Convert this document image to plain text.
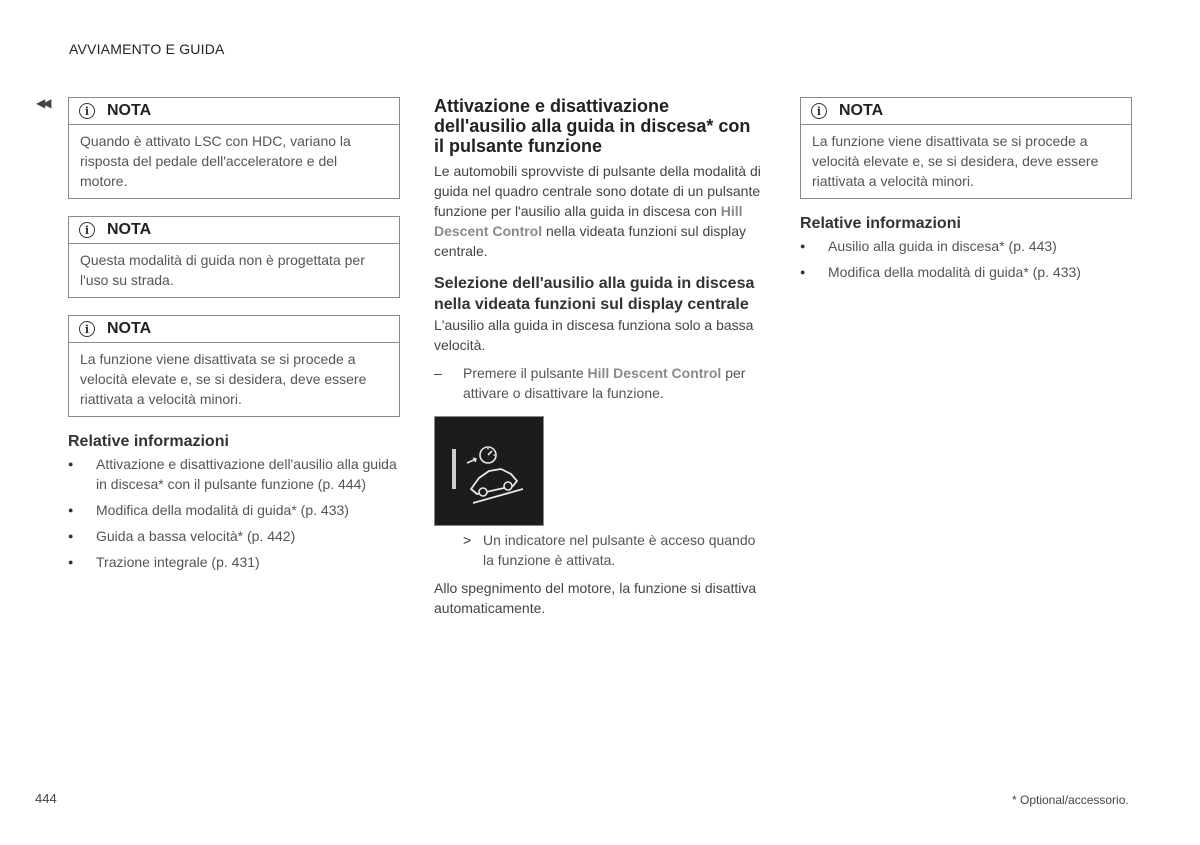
AVVIAMENTO E GUIDA
◀◀
i	NOTA
Quando è attivato LSC con HDC, variano la risposta del pedale dell'acceleratore e del motore.
i	NOTA
Questa modalità di guida non è progettata per l'uso su strada.
i	NOTA
La funzione viene disattivata se si procede a velocità elevate e, se si desidera, deve essere riattivata a velocità minori.
Relative informazioni
● Attivazione e disattivazione dell'ausilio alla guida in discesa* con il pulsante funzione (p. 444)
● Modifica della modalità di guida* (p. 433)
● Guida a bassa velocità* (p. 442)
● Trazione integrale (p. 431)
Attivazione e disattivazione dell'ausilio alla guida in discesa* con il pulsante funzione
Le automobili sprovviste di pulsante della modalità di guida nel quadro centrale sono dotate di un pulsante funzione per l'ausilio alla guida in discesa con Hill Descent Control nella videata funzioni sul display centrale.
Selezione dell'ausilio alla guida in discesa nella videata funzioni sul display centrale
L'ausilio alla guida in discesa funziona solo a bassa velocità.
– Premere il pulsante Hill Descent Control per attivare o disattivare la funzione.
> Un indicatore nel pulsante è acceso quando la funzione è attivata.
Allo spegnimento del motore, la funzione si disattiva automaticamente.
i	NOTA
La funzione viene disattivata se si procede a velocità elevate e, se si desidera, deve essere riattivata a velocità minori.
Relative informazioni
● Ausilio alla guida in discesa* (p. 443)
● Modifica della modalità di guida* (p. 433)
444	* Optional/accessorio.
